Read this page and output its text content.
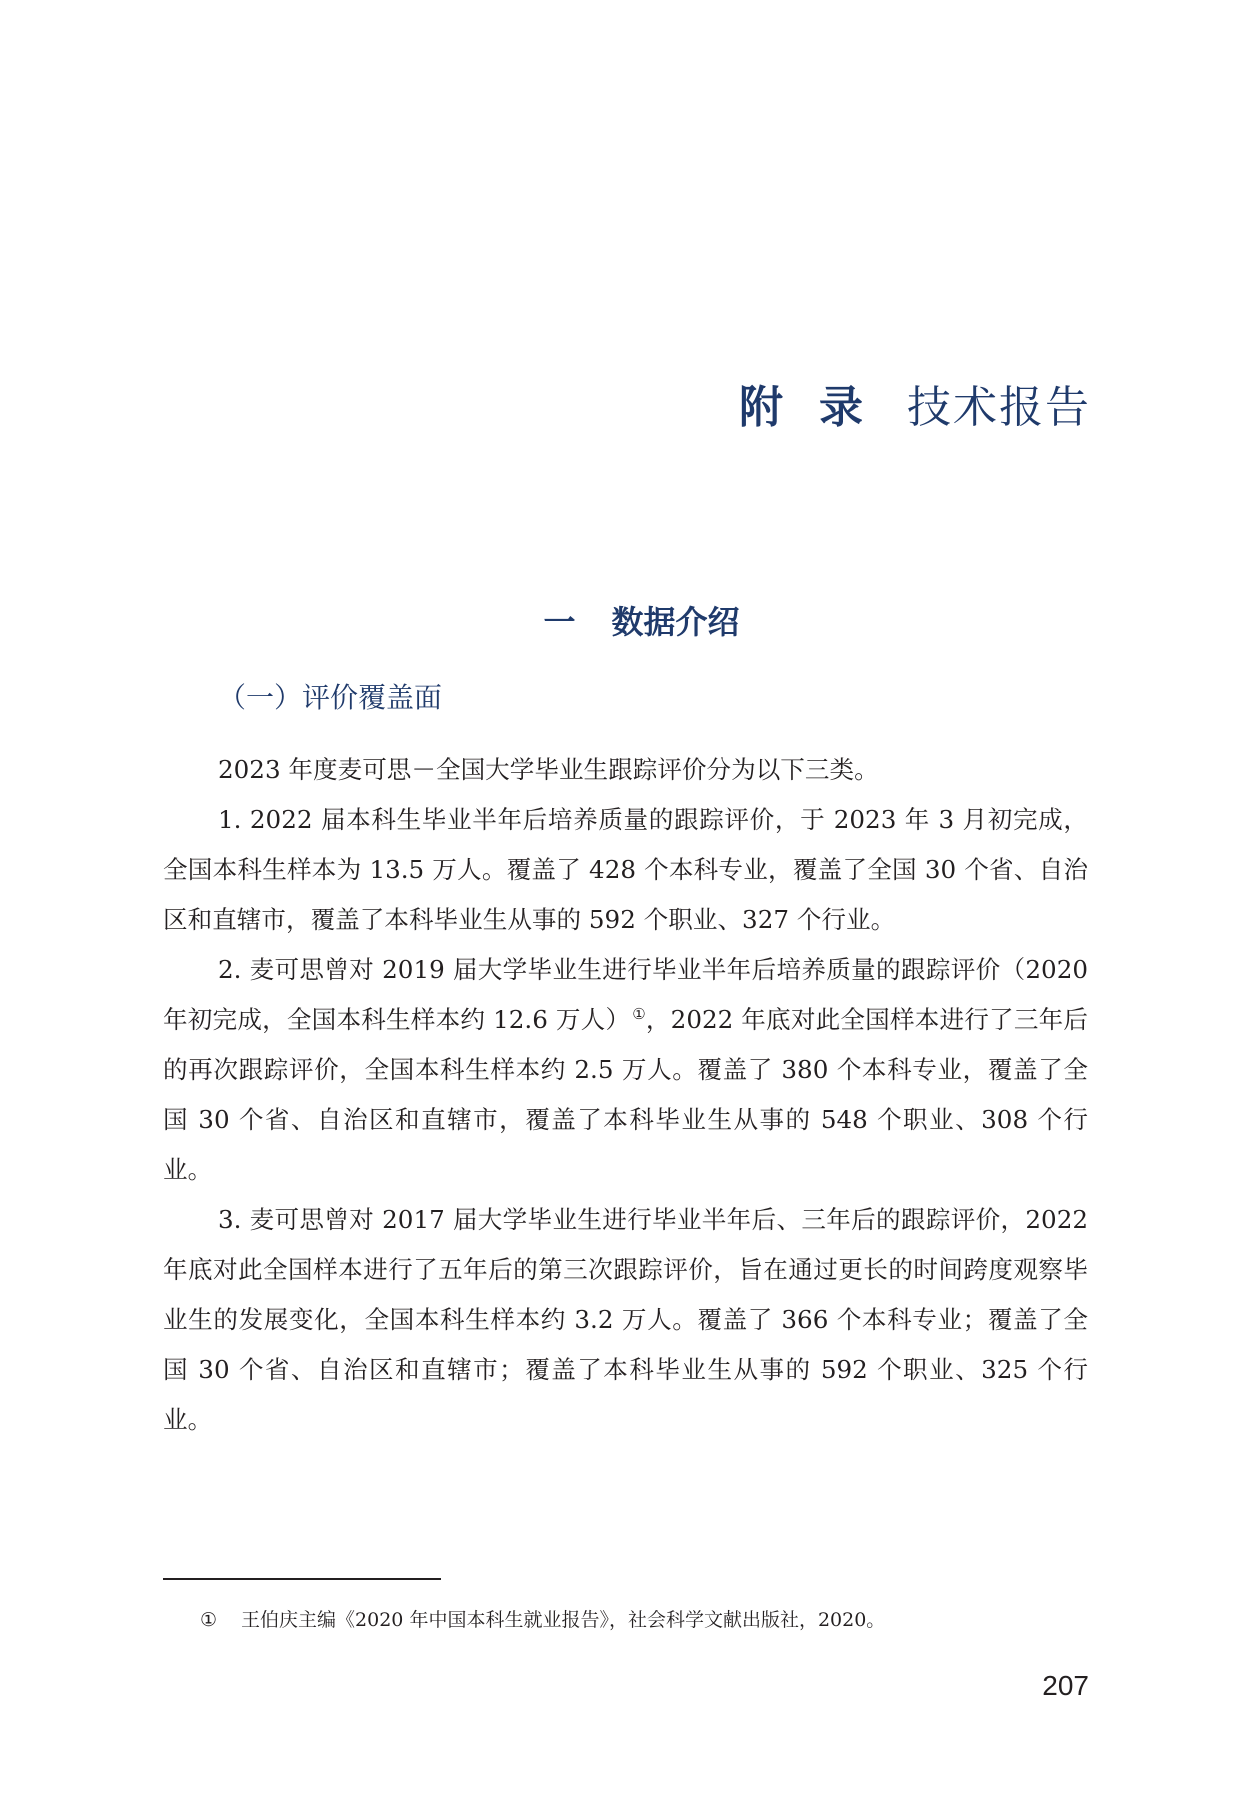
附录 技术报告
一 数据介绍
（一）评价覆盖面

2023 年度麦可思－全国大学毕业生跟踪评价分为以下三类。

1. 2022 届本科生毕业半年后培养质量的跟踪评价，于 2023 年 3 月初完成，全国本科生样本为 13.5 万人。覆盖了 428 个本科专业，覆盖了全国 30 个省、自治区和直辖市，覆盖了本科毕业生从事的 592 个职业、327 个行业。

2. 麦可思曾对 2019 届大学毕业生进行毕业半年后培养质量的跟踪评价（2020 年初完成，全国本科生样本约 12.6 万人） ①，2022 年底对此全国样本进行了三年后的再次跟踪评价，全国本科生样本约 2.5 万人。覆盖了 380 个本科专业，覆盖了全国 30 个省、自治区和直辖市，覆盖了本科毕业生从事的 548 个职业、308 个行业。

3. 麦可思曾对 2017 届大学毕业生进行毕业半年后、三年后的跟踪评价，2022 年底对此全国样本进行了五年后的第三次跟踪评价，旨在通过更长的时间跨度观察毕业生的发展变化，全国本科生样本约 3.2 万人。覆盖了 366 个本科专业；覆盖了全国 30 个省、自治区和直辖市；覆盖了本科毕业生从事的 592 个职业、325 个行业。

① 王伯庆主编《2020 年中国本科生就业报告》，社会科学文献出版社，2020。
207
